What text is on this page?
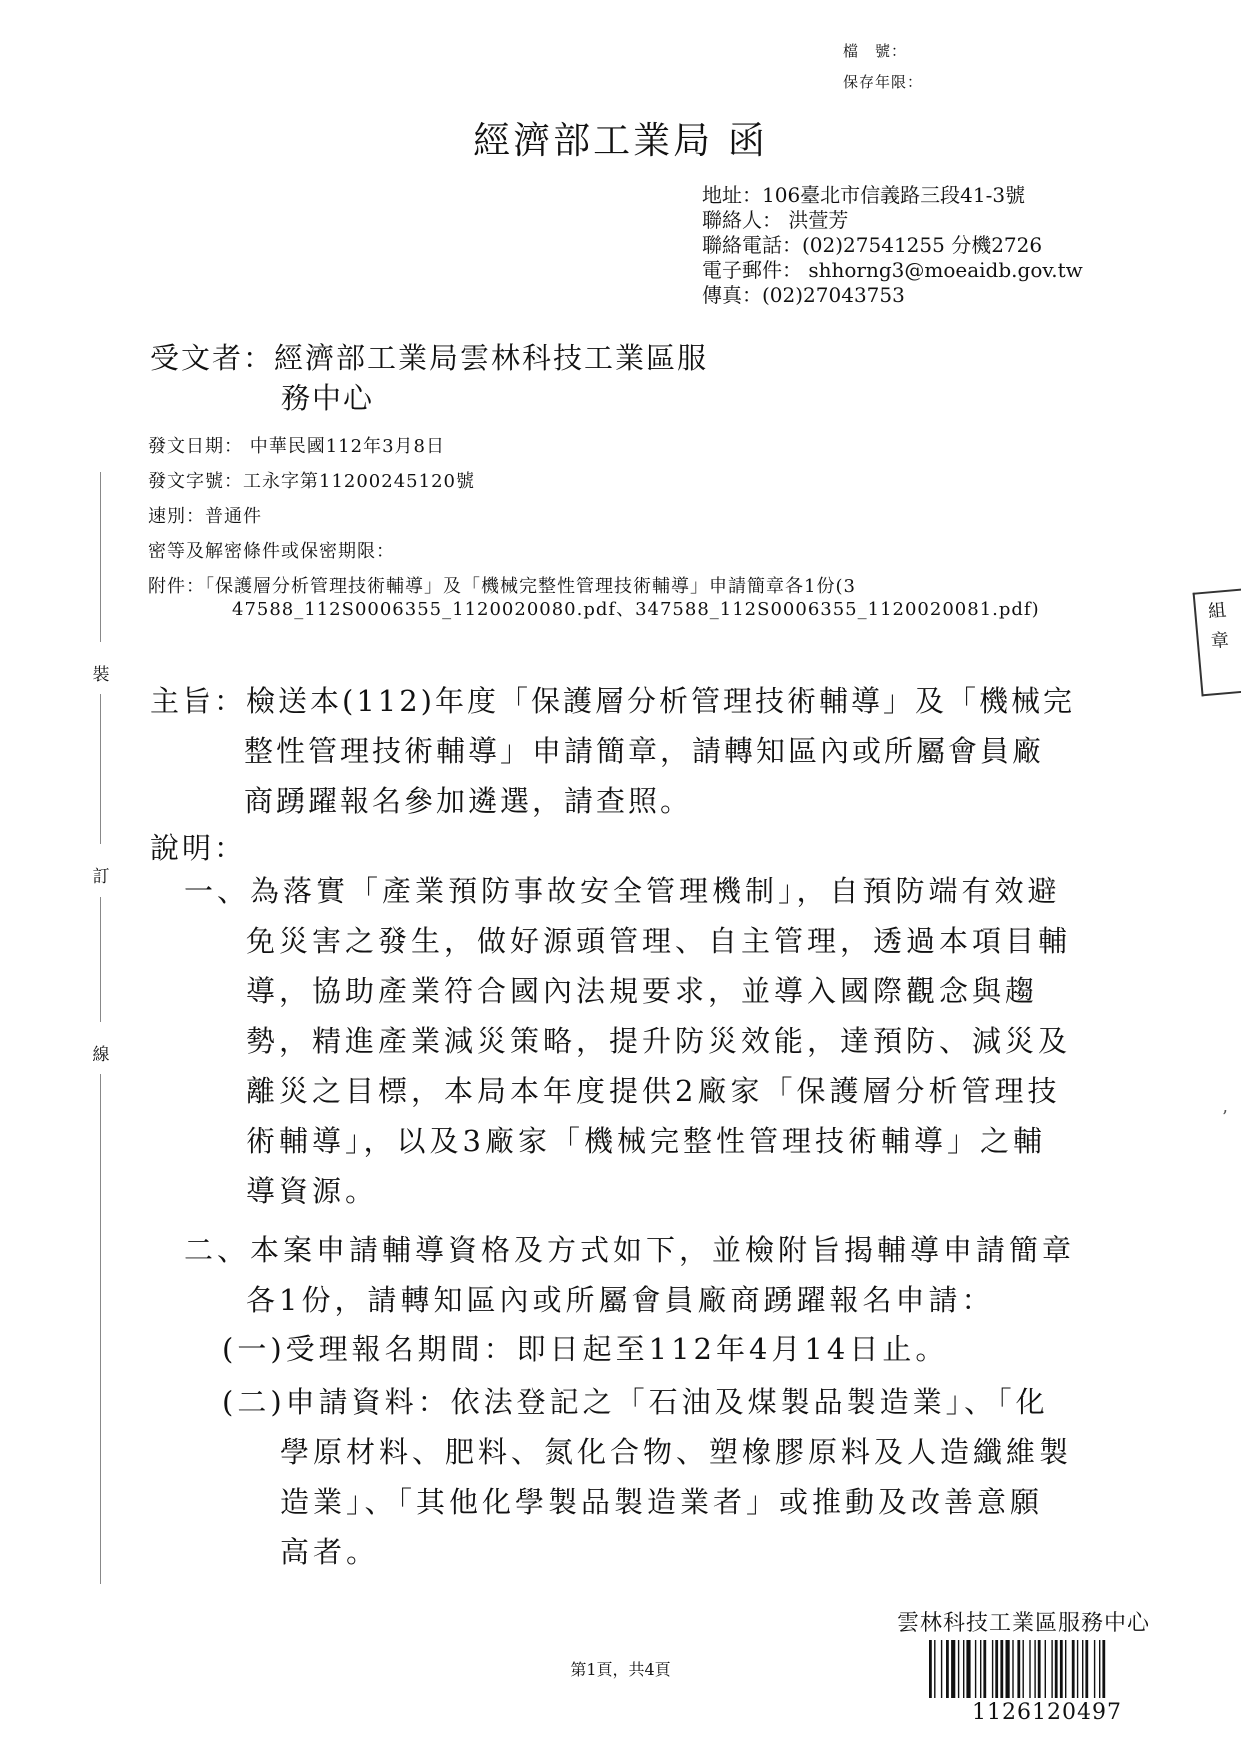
檔　號：
保存年限：
經濟部工業局 函
地址：106臺北市信義路三段41-3號
聯絡人： 洪萱芳
聯絡電話：(02)27541255 分機2726
電子郵件： shhorng3@moeaidb.gov.tw
傳真：(02)27043753
受文者：經濟部工業局雲林科技工業區服
務中心
發文日期： 中華民國112年3月8日
發文字號：工永字第11200245120號
速別：普通件
密等及解密條件或保密期限：
附件：「保護層分析管理技術輔導」及「機械完整性管理技術輔導」申請簡章各1份(3
47588_112S0006355_1120020080.pdf、347588_112S0006355_1120020081.pdf)
主旨：檢送本(112)年度「保護層分析管理技術輔導」及「機械完
整性管理技術輔導」申請簡章，請轉知區內或所屬會員廠
商踴躍報名參加遴選，請查照。
說明：
一、為落實「產業預防事故安全管理機制」，自預防端有效避
免災害之發生，做好源頭管理、自主管理，透過本項目輔
導，協助產業符合國內法規要求，並導入國際觀念與趨
勢，精進產業減災策略，提升防災效能，達預防、減災及
離災之目標，本局本年度提供2廠家「保護層分析管理技
術輔導」，以及3廠家「機械完整性管理技術輔導」之輔
導資源。
二、本案申請輔導資格及方式如下，並檢附旨揭輔導申請簡章
各1份，請轉知區內或所屬會員廠商踴躍報名申請：
(一)受理報名期間：即日起至112年4月14日止。
(二)申請資料：依法登記之「石油及煤製品製造業」、「化
學原材料、肥料、氮化合物、塑橡膠原料及人造纖維製
造業」、「其他化學製品製造業者」或推動及改善意願
高者。
裝
訂
線
組
章
’
雲林科技工業區服務中心
1126120497
第1頁，共4頁
